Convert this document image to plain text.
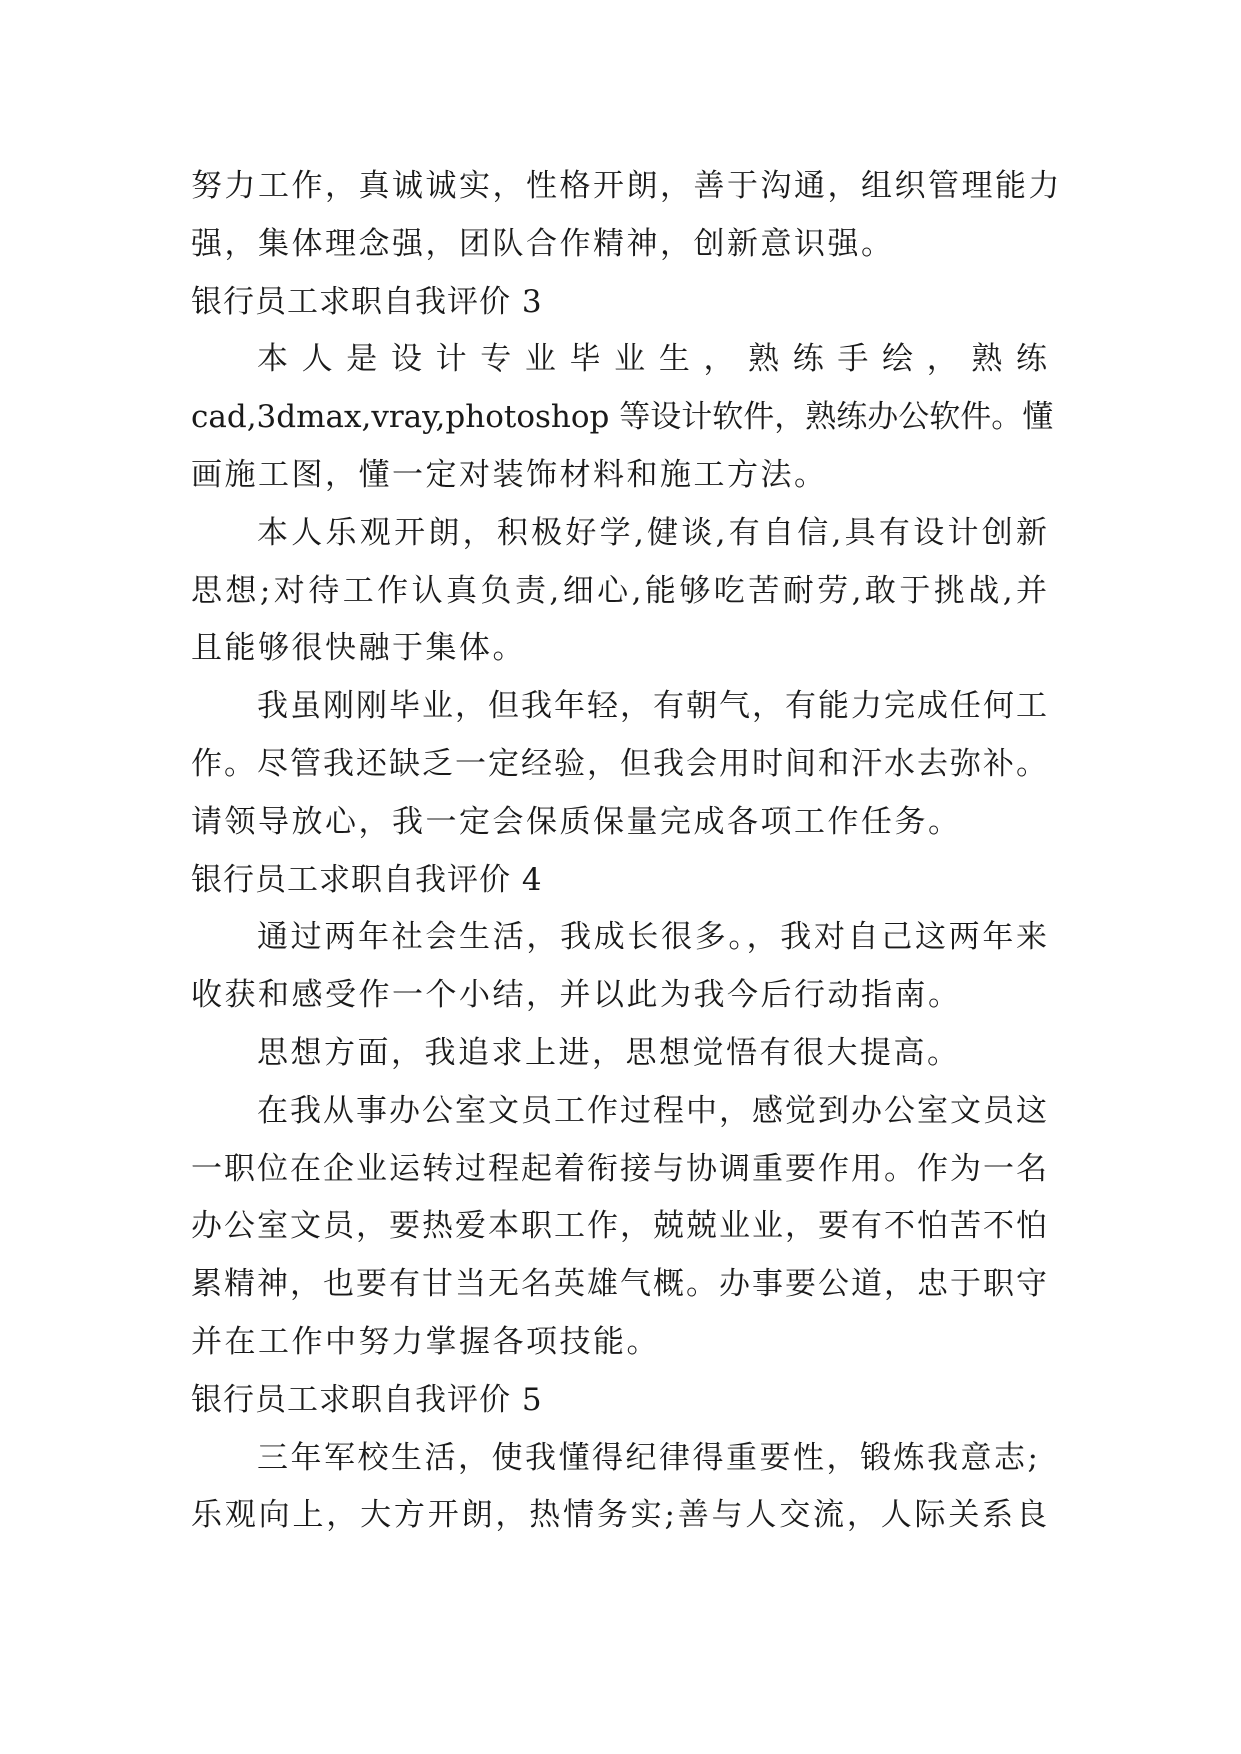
努力工作，真诚诚实，性格开朗，善于沟通，组织管理能力
强，集体理念强，团队合作精神，创新意识强。
银行员工求职自我评价 3
本 人 是 设 计 专 业 毕 业 生 ， 熟 练 手 绘 ， 熟 练
cad,3dmax,vray,photoshop 等设计软件，熟练办公软件。懂
画施工图，懂一定对装饰材料和施工方法。
本人乐观开朗，积极好学,健谈,有自信,具有设计创新
思想;对待工作认真负责,细心,能够吃苦耐劳,敢于挑战,并
且能够很快融于集体。
我虽刚刚毕业，但我年轻，有朝气，有能力完成任何工
作。尽管我还缺乏一定经验，但我会用时间和汗水去弥补。
请领导放心，我一定会保质保量完成各项工作任务。
银行员工求职自我评价 4
通过两年社会生活，我成长很多。，我对自己这两年来
收获和感受作一个小结，并以此为我今后行动指南。
思想方面，我追求上进，思想觉悟有很大提高。
在我从事办公室文员工作过程中，感觉到办公室文员这
一职位在企业运转过程起着衔接与协调重要作用。作为一名
办公室文员，要热爱本职工作，兢兢业业，要有不怕苦不怕
累精神，也要有甘当无名英雄气概。办事要公道，忠于职守
并在工作中努力掌握各项技能。
银行员工求职自我评价 5
三年军校生活，使我懂得纪律得重要性，锻炼我意志;
乐观向上，大方开朗，热情务实;善与人交流，人际关系良
